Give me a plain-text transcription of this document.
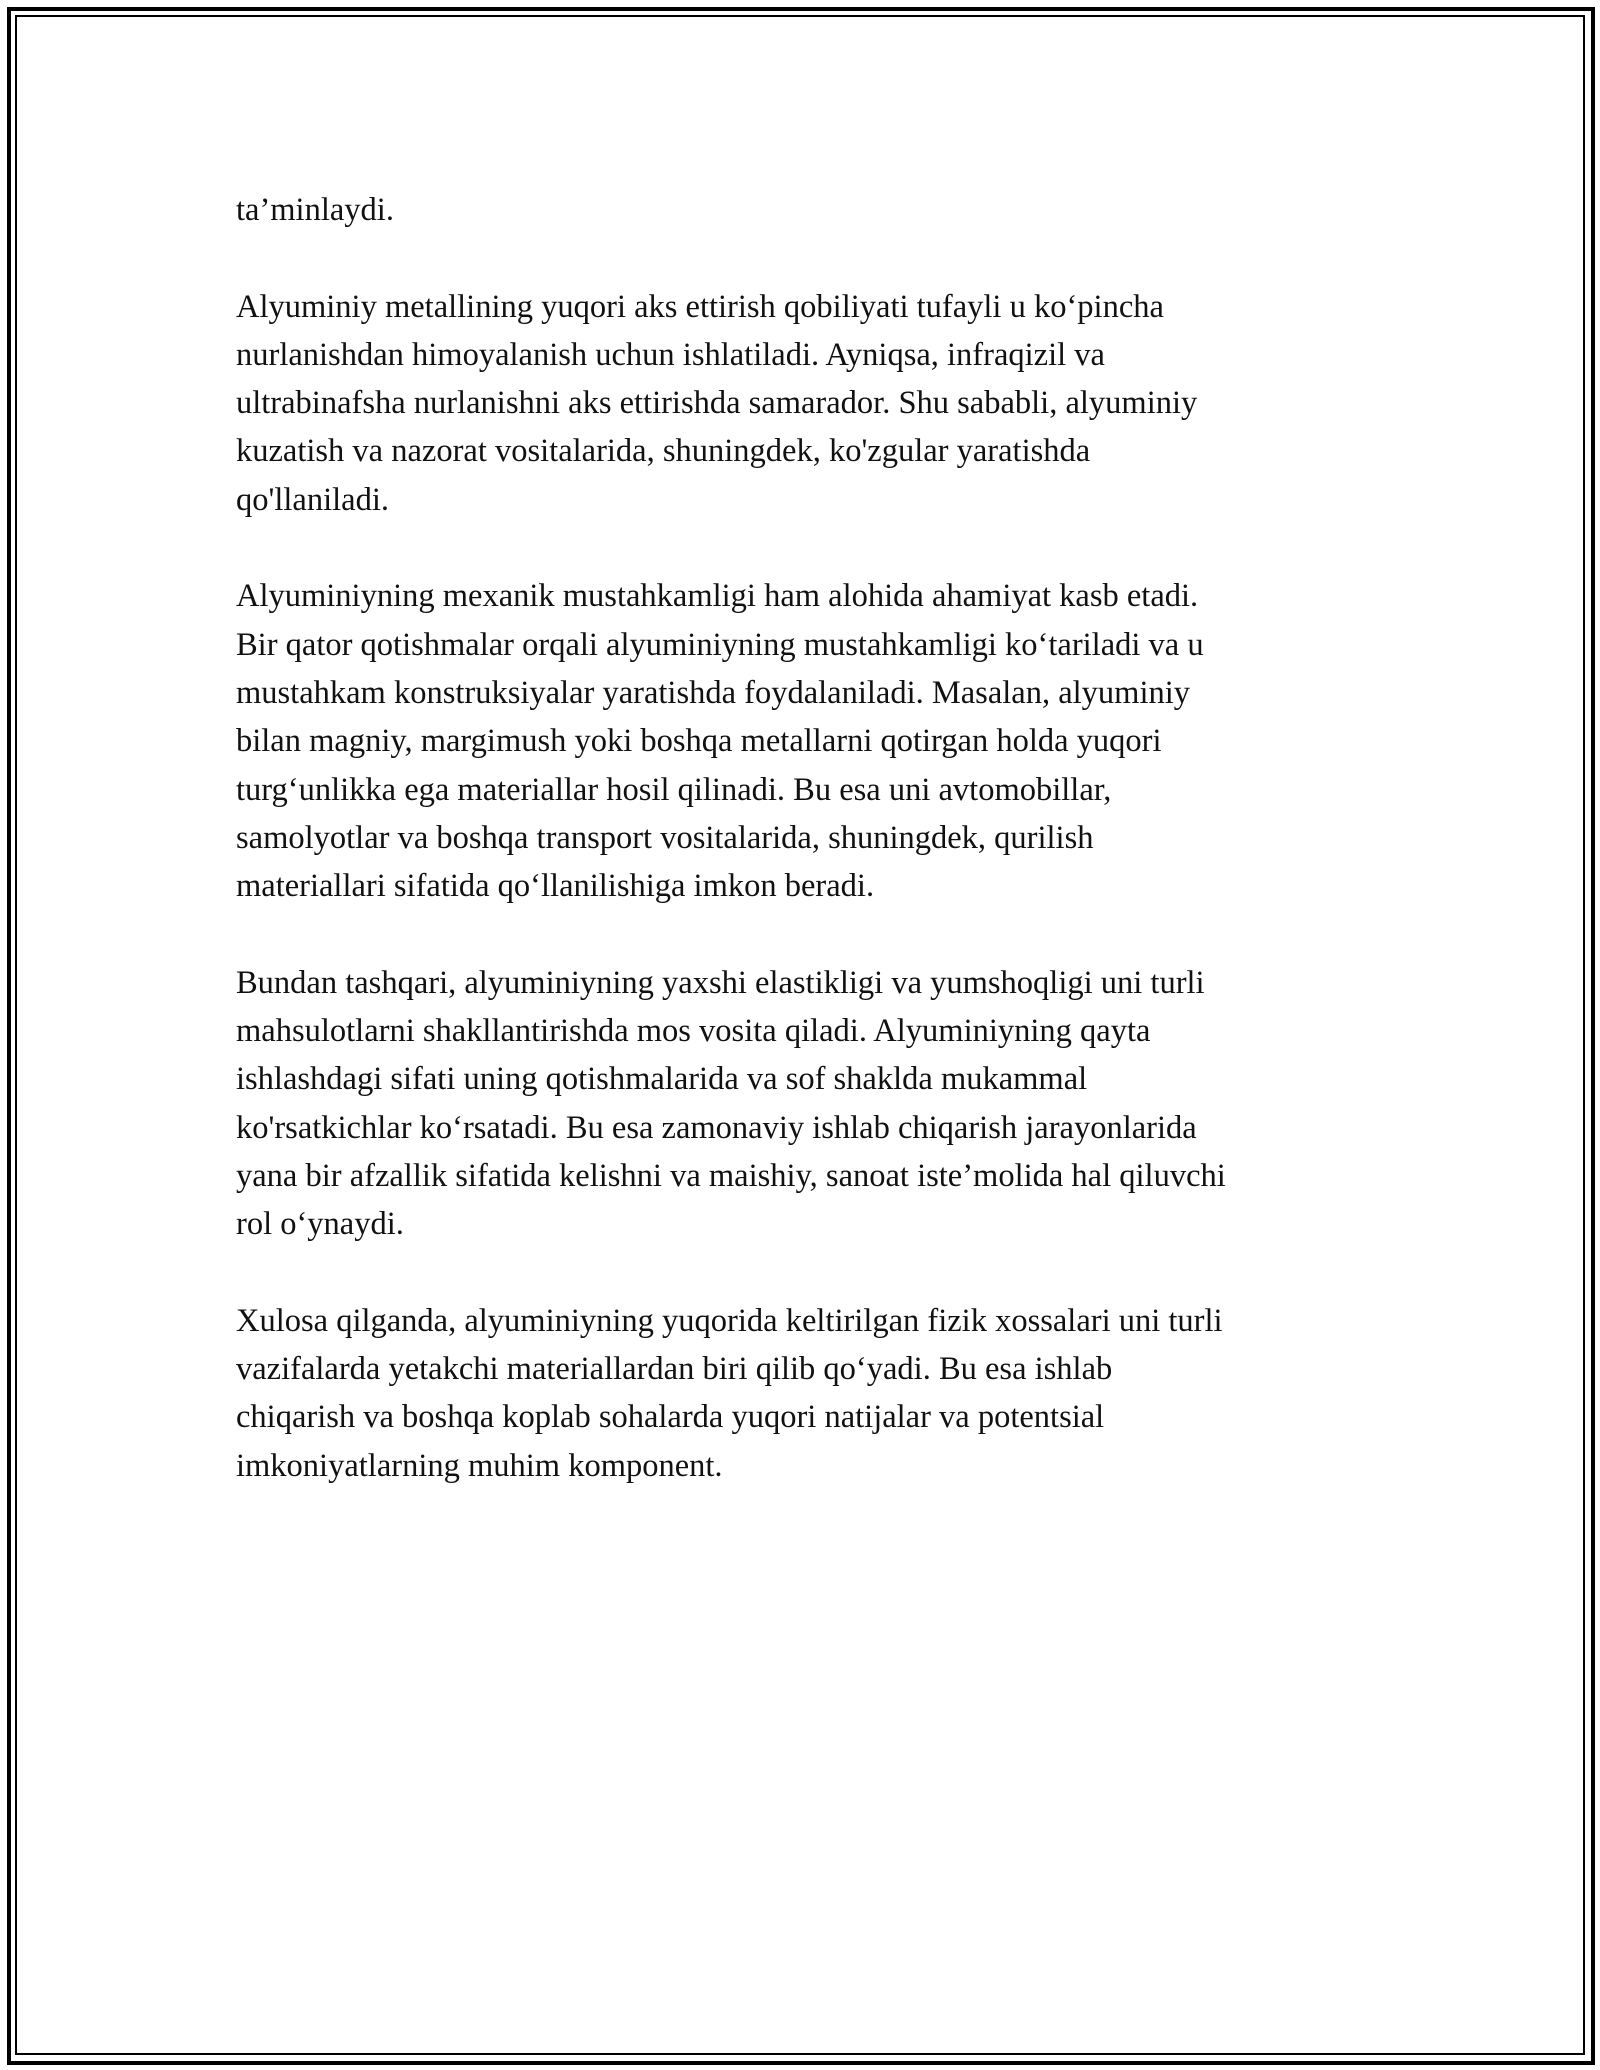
ta’minlaydi.

Alyuminiy metallining yuqori aks ettirish qobiliyati tufayli u ko‘pincha
nurlanishdan himoyalanish uchun ishlatiladi. Ayniqsa, infraqizil va
ultrabinafsha nurlanishni aks ettirishda samarador. Shu sababli, alyuminiy
kuzatish va nazorat vositalarida, shuningdek, ko'zgular yaratishda
qo'llaniladi.

Alyuminiyning mexanik mustahkamligi ham alohida ahamiyat kasb etadi.
Bir qator qotishmalar orqali alyuminiyning mustahkamligi ko‘tariladi va u
mustahkam konstruksiyalar yaratishda foydalaniladi. Masalan, alyuminiy
bilan magniy, margimush yoki boshqa metallarni qotirgan holda yuqori
turg‘unlikka ega materiallar hosil qilinadi. Bu esa uni avtomobillar,
samolyotlar va boshqa transport vositalarida, shuningdek, qurilish
materiallari sifatida qo‘llanilishiga imkon beradi.

Bundan tashqari, alyuminiyning yaxshi elastikligi va yumshoqligi uni turli
mahsulotlarni shakllantirishda mos vosita qiladi. Alyuminiyning qayta
ishlashdagi sifati uning qotishmalarida va sof shaklda mukammal
ko'rsatkichlar ko‘rsatadi. Bu esa zamonaviy ishlab chiqarish jarayonlarida
yana bir afzallik sifatida kelishni va maishiy, sanoat iste’molida hal qiluvchi
rol o‘ynaydi.

Xulosa qilganda, alyuminiyning yuqorida keltirilgan fizik xossalari uni turli
vazifalarda yetakchi materiallardan biri qilib qo‘yadi. Bu esa ishlab
chiqarish va boshqa koplab sohalarda yuqori natijalar va potentsial
imkoniyatlarning muhim komponent.
